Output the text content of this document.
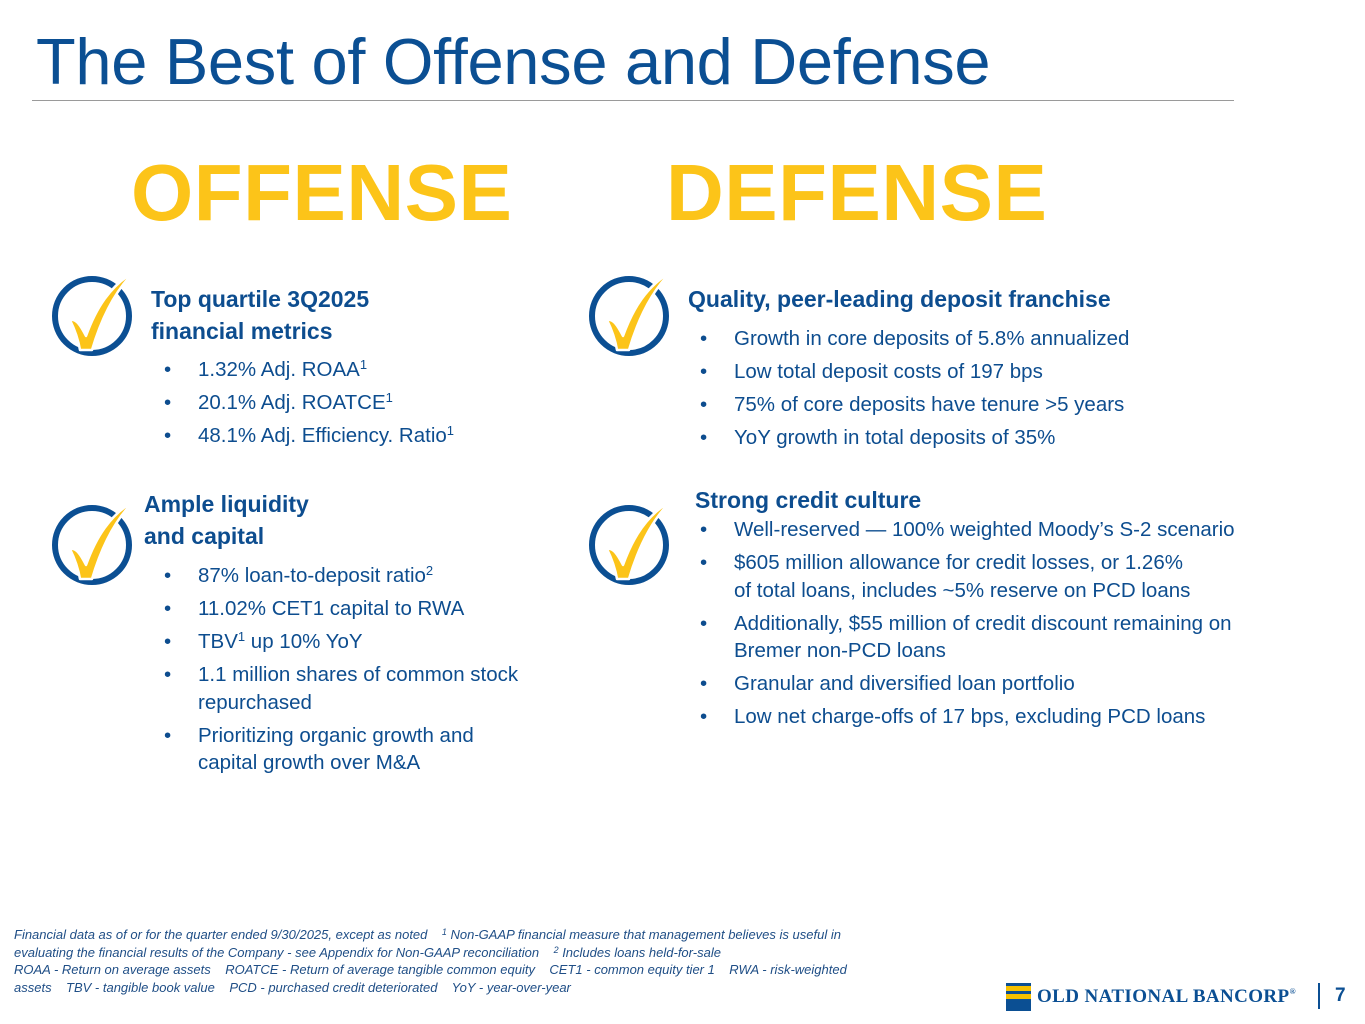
The Best of Offense and Defense
OFFENSE DEFENSE
Top quartile 3Q2025
financial metrics
• 1.32% Adj. ROAA$^1$
• 20.1% Adj. ROATCE$^1$
• 48.1% Adj. Efficiency. Ratio$^1$
Ample liquidity
and capital
• 87% loan-to-deposit ratio$^2$
• 11.02% CET1 capital to RWA
• TBV$^1$ up 10% YoY
• 1.1 million shares of common stock
repurchased
• Prioritizing organic growth and
capital growth over M&A
Quality, peer-leading deposit franchise
• Growth in core deposits of 5.8% annualized
• Low total deposit costs of 197 bps
• 75% of core deposits have tenure >5 years
• YoY growth in total deposits of 35%
Strong credit culture
• Well-reserved — 100% weighted Moody’s S-2 scenario
• $605 million allowance for credit losses, or 1.26%
of total loans, includes ~5% reserve on PCD loans
• Additionally, $55 million of credit discount remaining on
Bremer non-PCD loans
• Granular and diversified loan portfolio
• Low net charge-offs of 17 bps, excluding PCD loans
Financial data as of or for the quarter ended 9/30/2025, except as noted $^1$ Non-GAAP financial measure that management believes is useful in
evaluating the financial results of the Company - see Appendix for Non-GAAP reconciliation $^2$ Includes loans held-for-sale
ROAA - Return on average assets    ROATCE - Return of average tangible common equity    CET1 - common equity tier 1    RWA - risk-weighted
assets    TBV - tangible book value    PCD - purchased credit deteriorated    YoY - year-over-year	OLD NATIONAL BANCORP® 7
